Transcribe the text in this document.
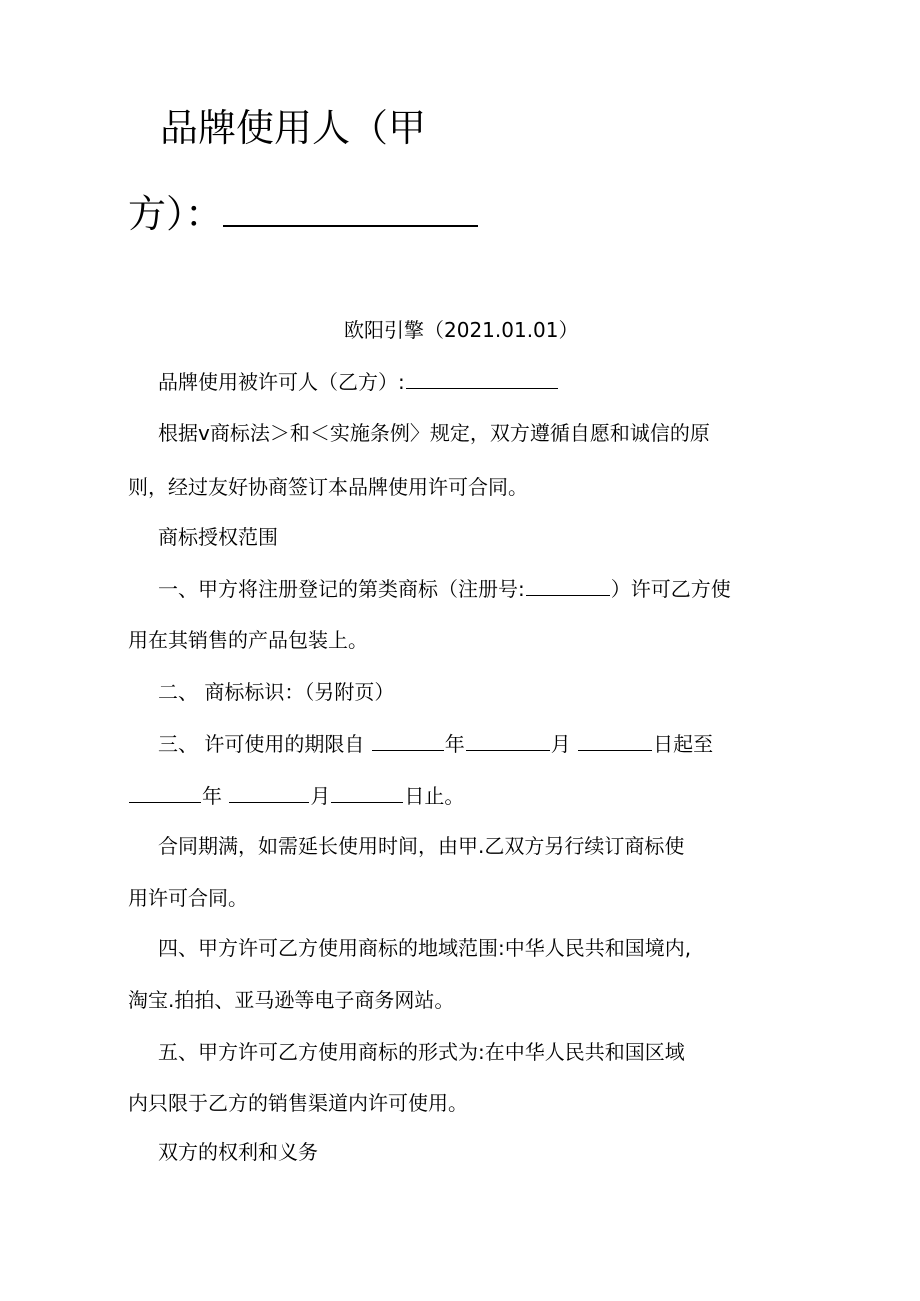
品牌使用人（甲
方）：
欧阳引擎（2021.01.01）
品牌使用被许可人（乙方）:
根据v商标法＞和＜实施条例〉规定，双方遵循自愿和诚信的原
则，经过友好协商签订本品牌使用许可合同。
商标授权范围
一、甲方将注册登记的第类商标（注册号:	）许可乙方使
用在其销售的产品包装上。
二、 商标标识：（另附页）
三、 许可使用的期限自	年	月	日起至
年	月	日止。
合同期满，如需延长使用时间，由甲.乙双方另行续订商标使
用许可合同。
四、甲方许可乙方使用商标的地域范围:中华人民共和国境内,
淘宝.拍拍、亚马逊等电子商务网站。
五、甲方许可乙方使用商标的形式为:在中华人民共和国区域
内只限于乙方的销售渠道内许可使用。
双方的权利和义务
